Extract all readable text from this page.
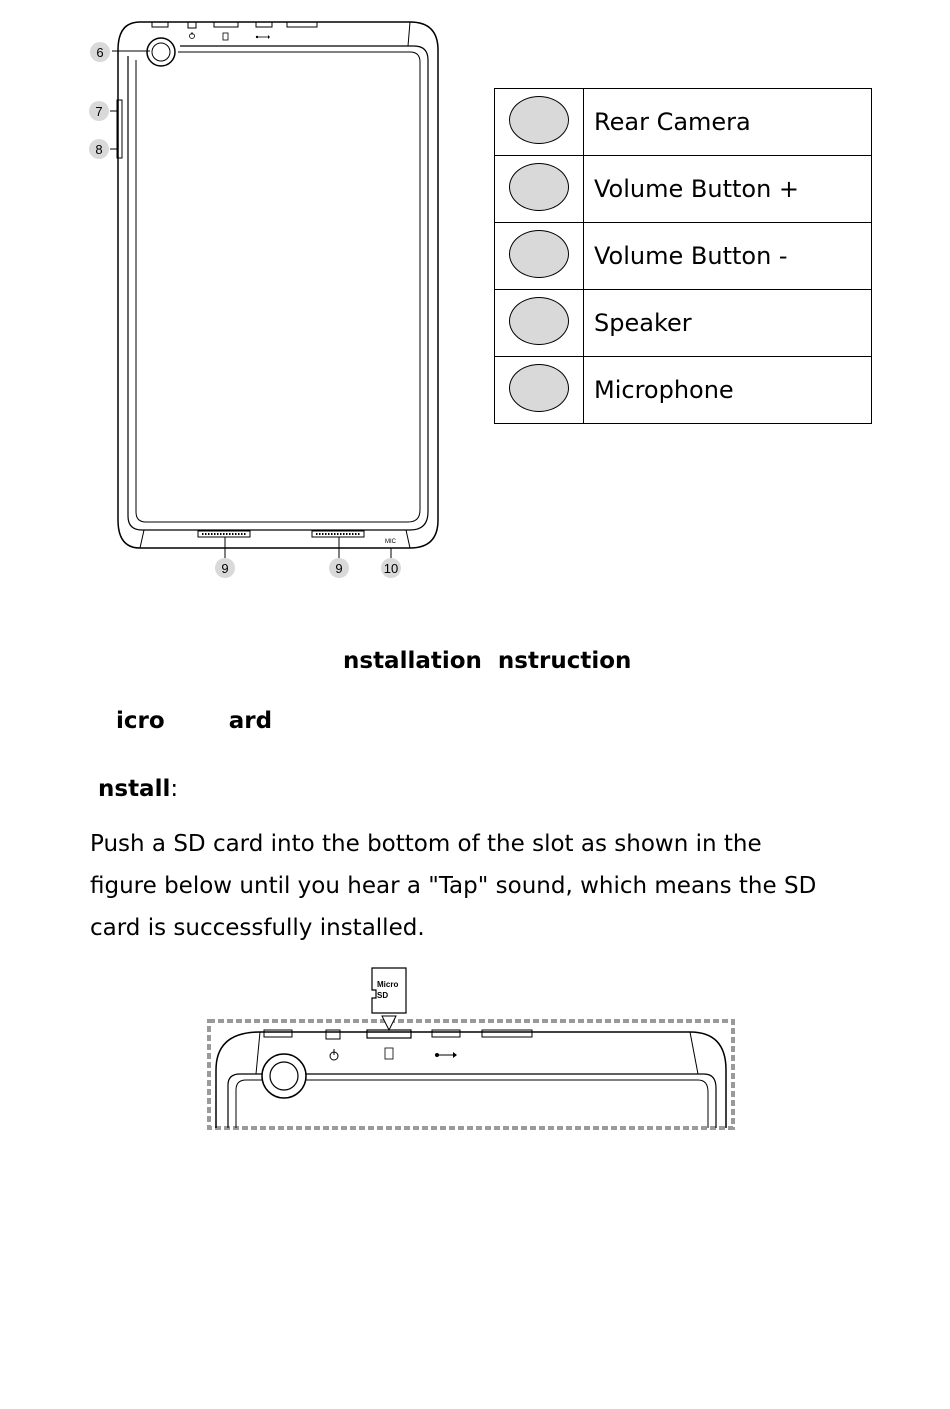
MIC
6
7
8
9	9	10
	Rear Camera
	Volume Button +
	Volume Button -
	Speaker
	Microphone
nstallation  nstruction
icro        ard
nstall:
Push a SD card into the bottom of the slot as shown in the
figure below until you hear a "Tap" sound, which means the SD
card is successfully installed.
Micro
SD
